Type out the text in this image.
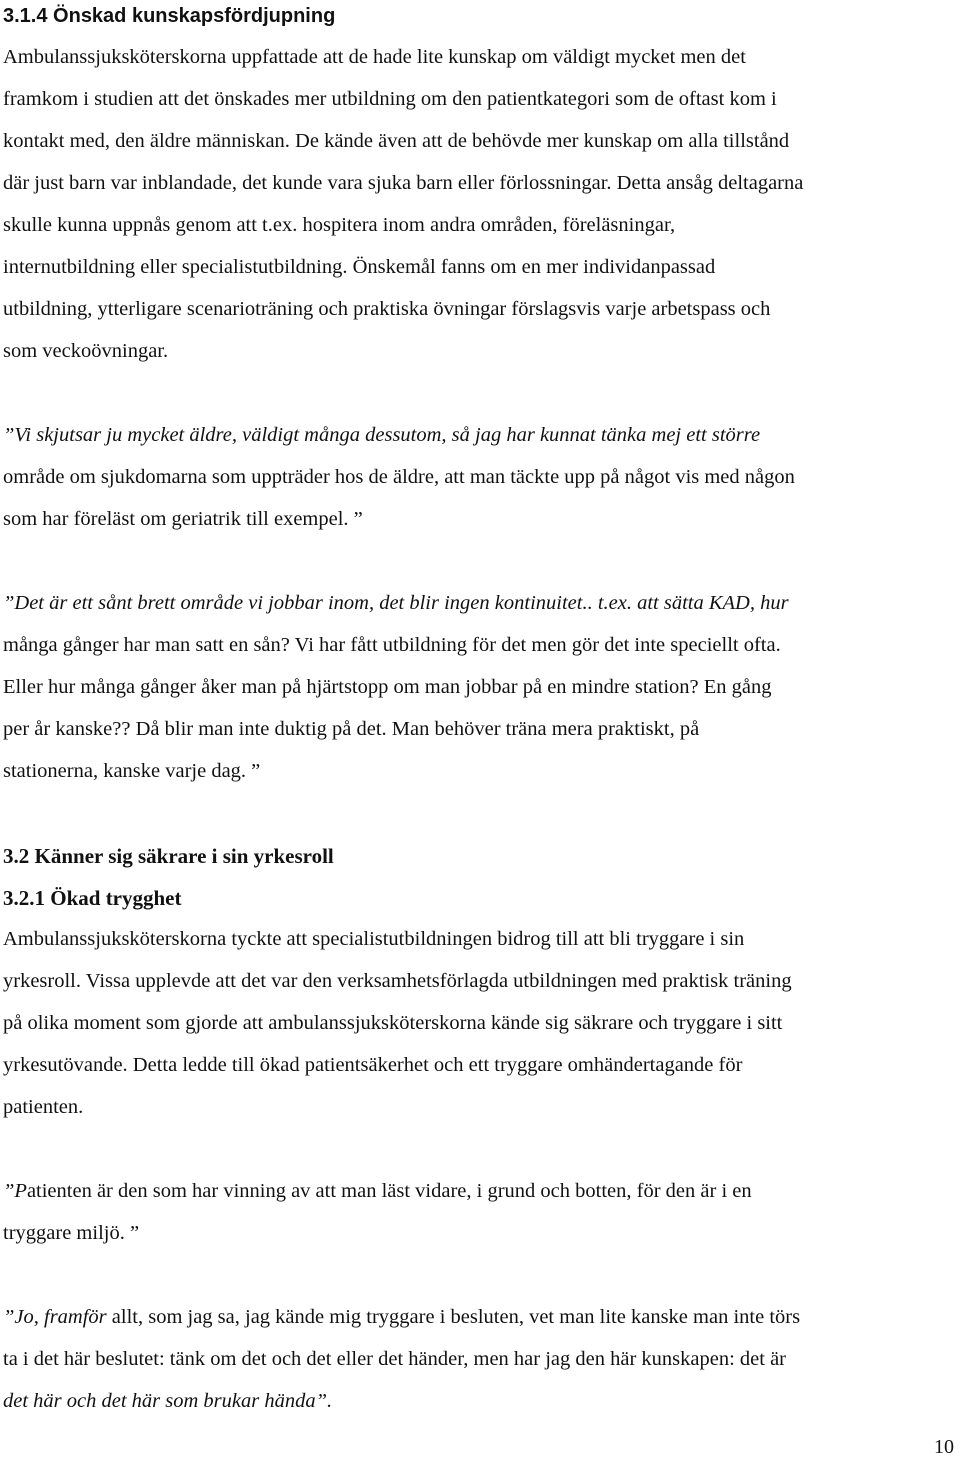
3.1.4 Önskad kunskapsfördjupning

Ambulanssjuksköterskorna uppfattade att de hade lite kunskap om väldigt mycket men det
framkom i studien att det önskades mer utbildning om den patientkategori som de oftast kom i
kontakt med, den äldre människan. De kände även att de behövde mer kunskap om alla tillstånd
där just barn var inblandade, det kunde vara sjuka barn eller förlossningar. Detta ansåg deltagarna
skulle kunna uppnås genom att t.ex. hospitera inom andra områden, föreläsningar,
internutbildning eller specialistutbildning. Önskemål fanns om en mer individanpassad
utbildning, ytterligare scenarioträning och praktiska övningar förslagsvis varje arbetspass och
som veckoövningar.

”Vi skjutsar ju mycket äldre, väldigt många dessutom, så jag har kunnat tänka mej ett större
område om sjukdomarna som uppträder hos de äldre, att man täckte upp på något vis med någon
som har föreläst om geriatrik till exempel. ”

”Det är ett sånt brett område vi jobbar inom, det blir ingen kontinuitet.. t.ex. att sätta KAD, hur
många gånger har man satt en sån? Vi har fått utbildning för det men gör det inte speciellt ofta.
Eller hur många gånger åker man på hjärtstopp om man jobbar på en mindre station? En gång
per år kanske?? Då blir man inte duktig på det. Man behöver träna mera praktiskt, på
stationerna, kanske varje dag. ”

3.2 Känner sig säkrare i sin yrkesroll
3.2.1 Ökad trygghet

Ambulanssjuksköterskorna tyckte att specialistutbildningen bidrog till att bli tryggare i sin
yrkesroll. Vissa upplevde att det var den verksamhetsförlagda utbildningen med praktisk träning
på olika moment som gjorde att ambulanssjuksköterskorna kände sig säkrare och tryggare i sitt
yrkesutövande. Detta ledde till ökad patientsäkerhet och ett tryggare omhändertagande för
patienten.

”Patienten är den som har vinning av att man läst vidare, i grund och botten, för den är i en
tryggare miljö. ”

”Jo, framför allt, som jag sa, jag kände mig tryggare i besluten, vet man lite kanske man inte törs
ta i det här beslutet: tänk om det och det eller det händer, men har jag den här kunskapen: det är
det här och det här som brukar hända”.

10
